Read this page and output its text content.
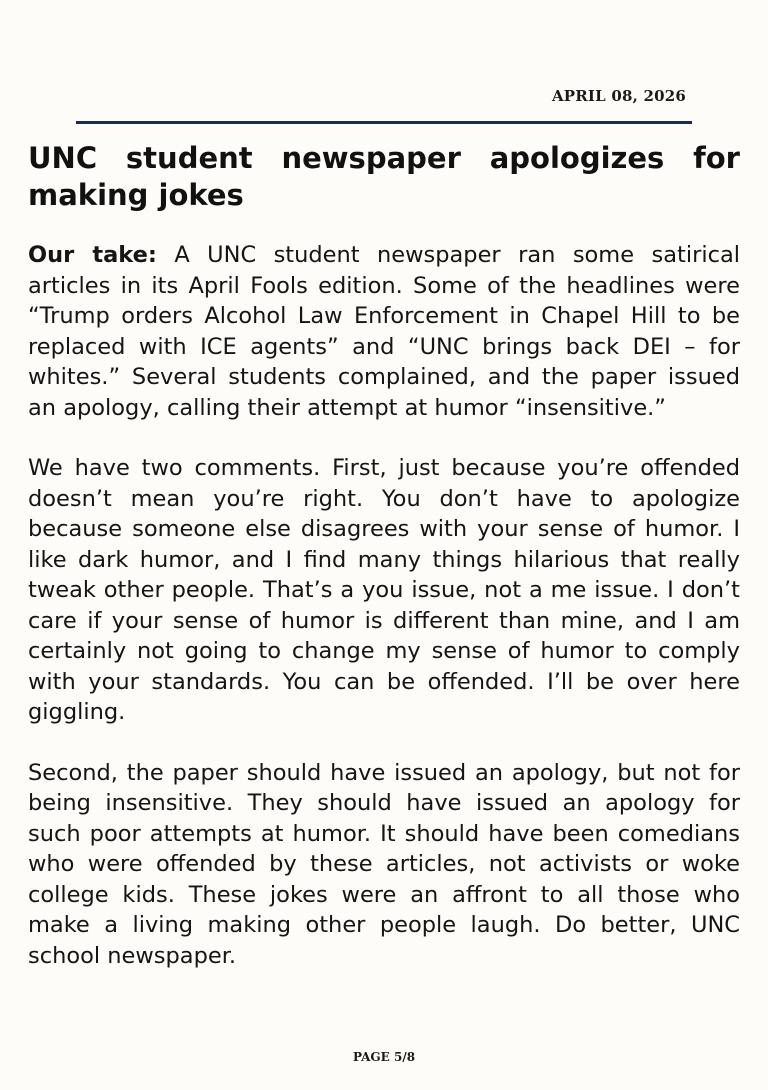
APRIL 08, 2026
UNC student newspaper apologizes for making jokes

Our take: A UNC student newspaper ran some satirical articles in its April Fools edition. Some of the headlines were “Trump orders Alcohol Law Enforcement in Chapel Hill to be replaced with ICE agents” and “UNC brings back DEI – for whites.” Several students complained, and the paper issued an apology, calling their attempt at humor “insensitive.”

We have two comments. First, just because you’re offended doesn’t mean you’re right. You don’t have to apologize because someone else disagrees with your sense of humor. I like dark humor, and I find many things hilarious that really tweak other people. That’s a you issue, not a me issue. I don’t care if your sense of humor is different than mine, and I am certainly not going to change my sense of humor to comply with your standards. You can be offended. I’ll be over here giggling.

Second, the paper should have issued an apology, but not for being insensitive. They should have issued an apology for such poor attempts at humor. It should have been comedians who were offended by these articles, not activists or woke college kids. These jokes were an affront to all those who make a living making other people laugh. Do better, UNC school newspaper.

PAGE 5/8
